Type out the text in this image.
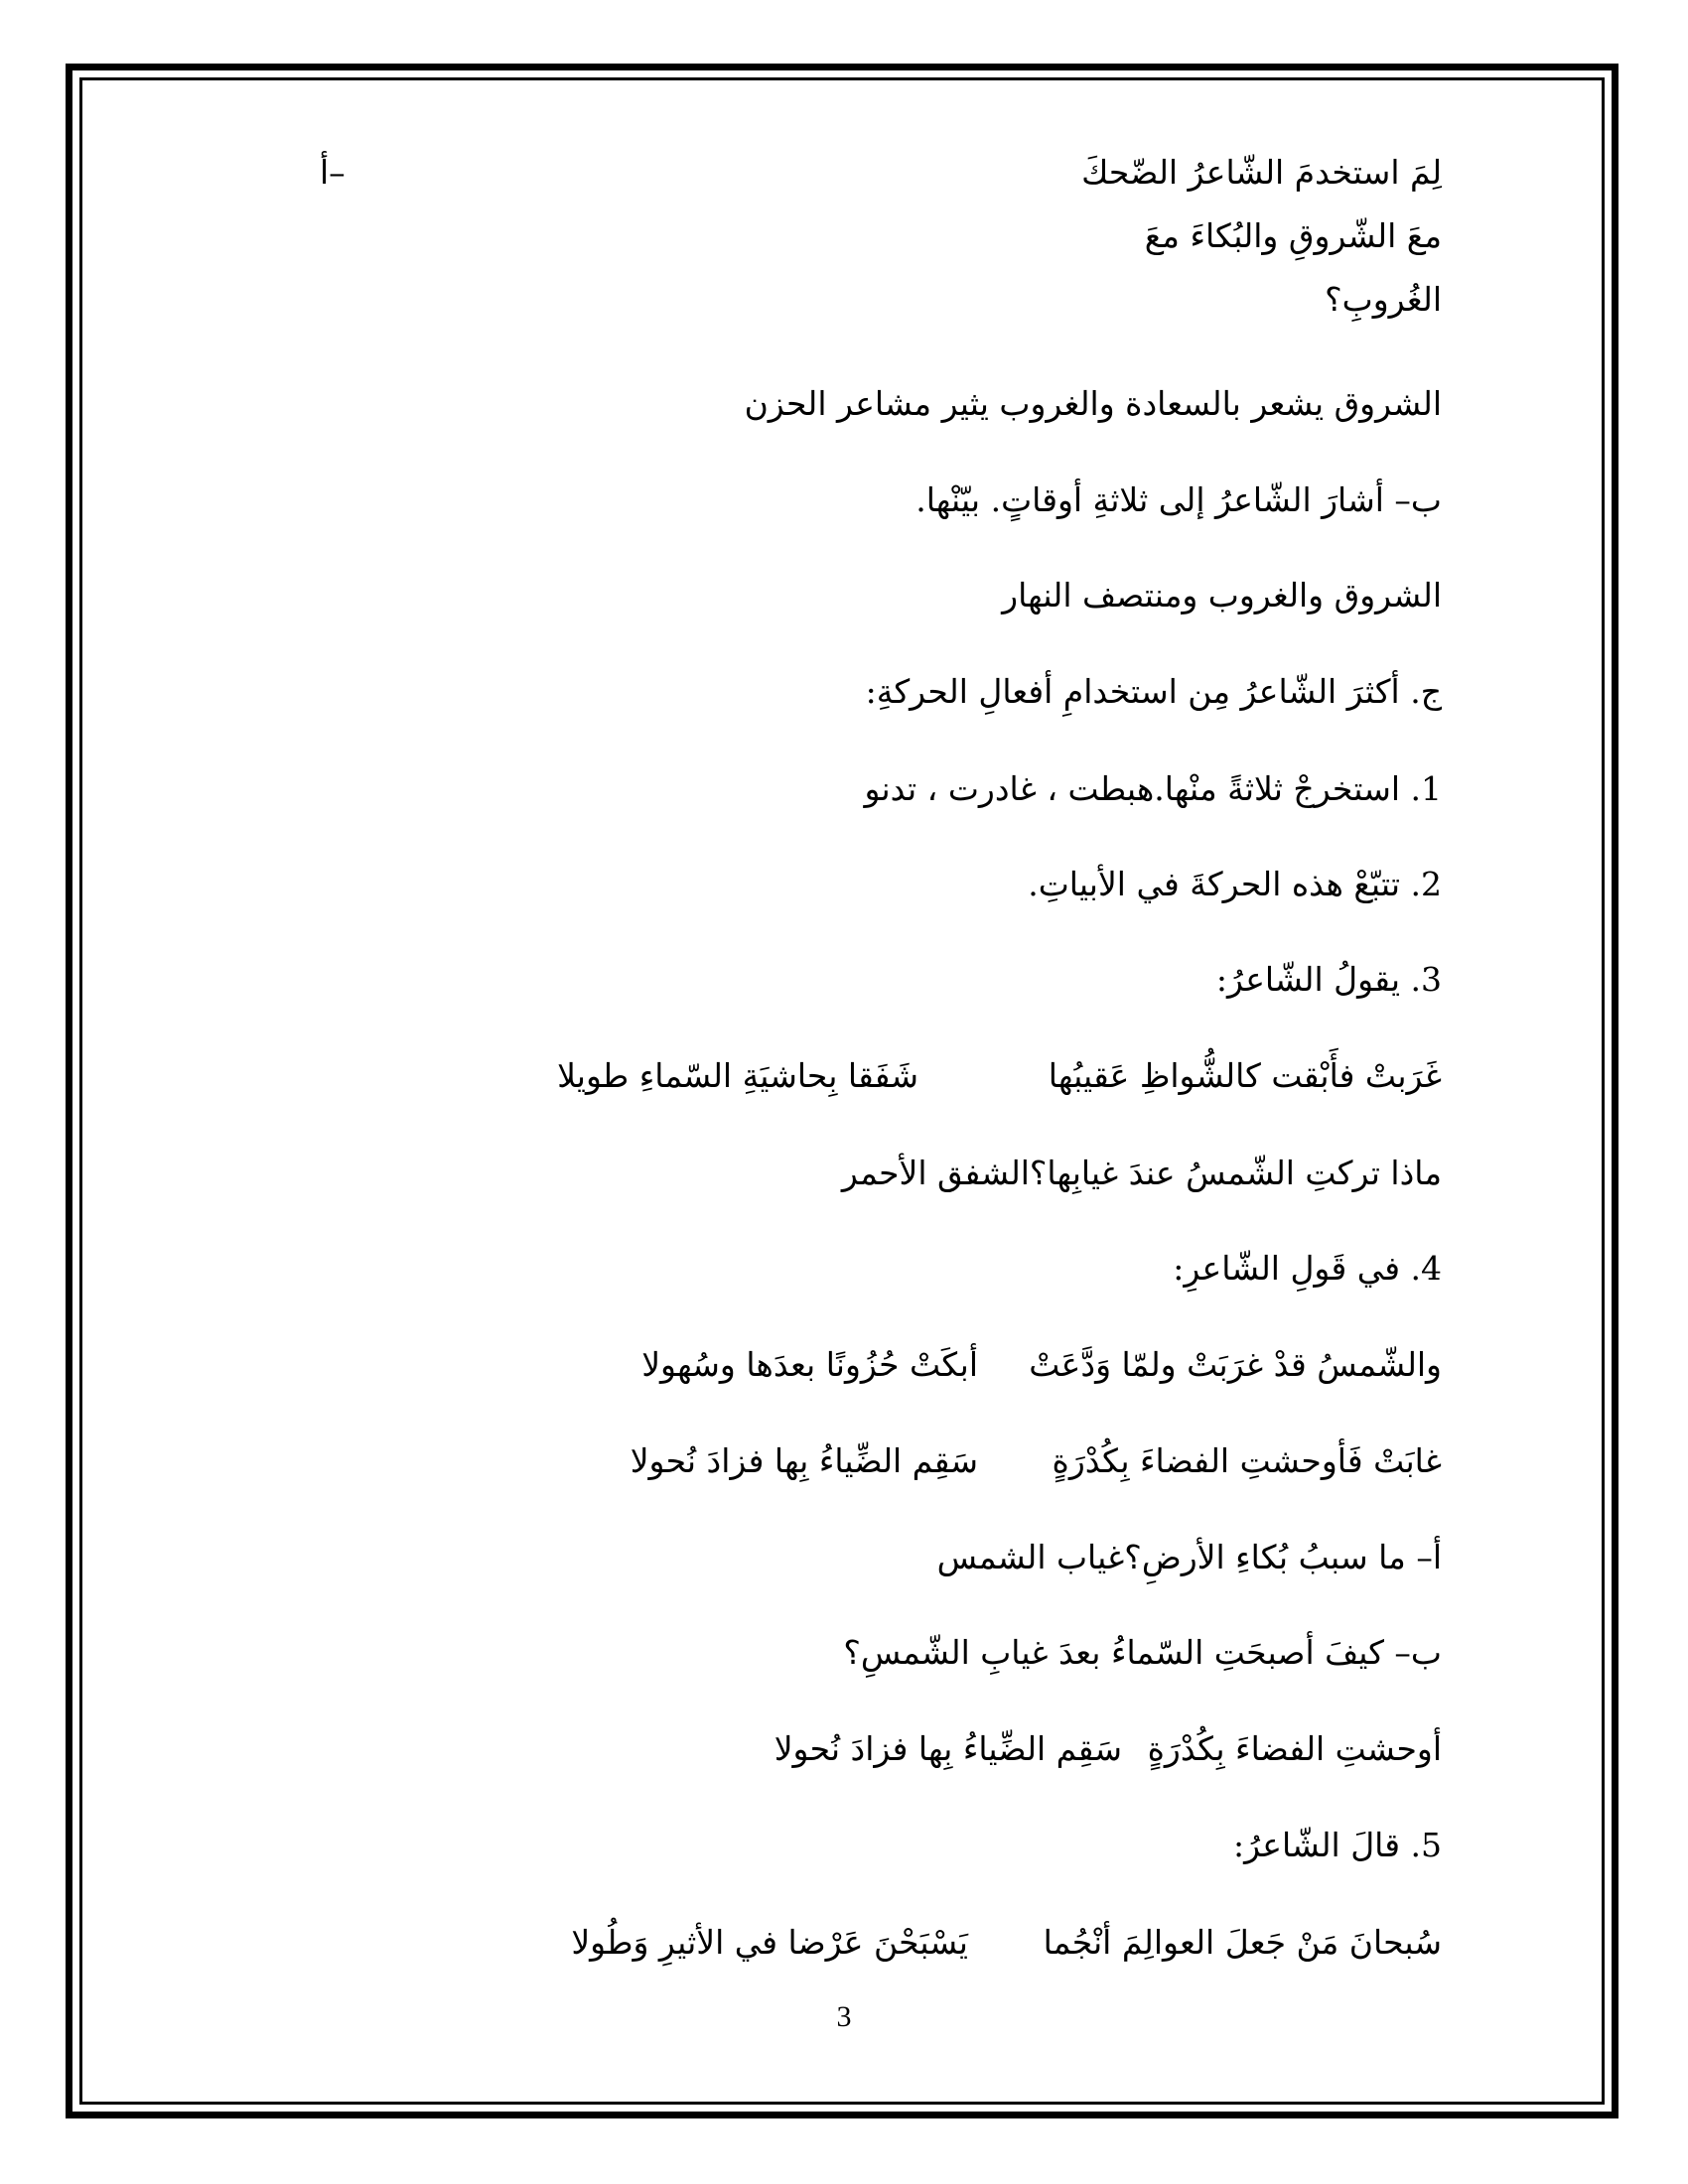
–أ	لِمَ استخدمَ الشّاعرُ الضّحكَ
معَ الشّروقِ والبُكاءَ معَ
الغُروبِ؟
الشروق يشعر بالسعادة والغروب يثير مشاعر الحزن
ب– أشارَ الشّاعرُ إلى ثلاثةِ أوقاتٍ. بيّنْها.
الشروق والغروب ومنتصف النهار
ج. أكثرَ الشّاعرُ مِن استخدامِ أفعالِ الحركةِ:
1. استخرجْ ثلاثةً منْها.هبطت ، غادرت ، تدنو
2. تتبّعْ هذه الحركةَ في الأبياتِ.
3. يقولُ الشّاعرُ:
غَرَبتْ فأَبْقت كالشُّواظِ عَقيبُها
شَفَقا بِحاشيَةِ السّماءِ طويلا
ماذا تركتِ الشّمسُ عندَ غيابِها؟الشفق الأحمر
4. في قَولِ الشّاعرِ:
والشّمسُ قدْ غرَبَتْ ولمّا وَدَّعَتْ
أبكَتْ حُزُونًا بعدَها وسُهولا
غابَتْ فَأوحشتِ الفضاءَ بِكُدْرَةٍ
سَقِم الضِّياءُ بِها فزادَ نُحولا
أ– ما سببُ بُكاءِ الأرضِ؟غياب الشمس
ب– كيفَ أصبحَتِ السّماءُ بعدَ غيابِ الشّمسِ؟
أوحشتِ الفضاءَ بِكُدْرَةٍ
سَقِم الضِّياءُ بِها فزادَ نُحولا
5. قالَ الشّاعرُ:
سُبحانَ مَنْ جَعلَ العوالِمَ أنْجُما
يَسْبَحْنَ عَرْضا في الأثيرِ وَطُولا
3
